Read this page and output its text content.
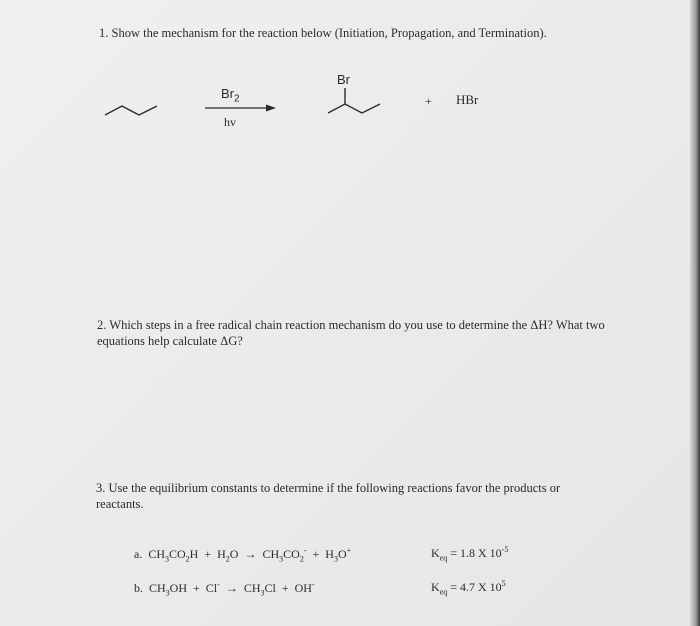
1. Show the mechanism for the reaction below (Initiation, Propagation, and Termination).
$Br_2$
hv
Br
+ HBr
2. Which steps in a free radical chain reaction mechanism do you use to determine the ΔH? What two equations help calculate ΔG?
3. Use the equilibrium constants to determine if the following reactions favor the products or reactants.
a. $CH_3CO_2H + H_2O \to CH_3CO_2^- + H_3O^+$	$K_{eq} = 1.8$ X $10^{-5}$
b. $CH_3OH + Cl^- \to CH_3Cl + OH^-$	$K_{eq} = 4.7$ X $10^5$
